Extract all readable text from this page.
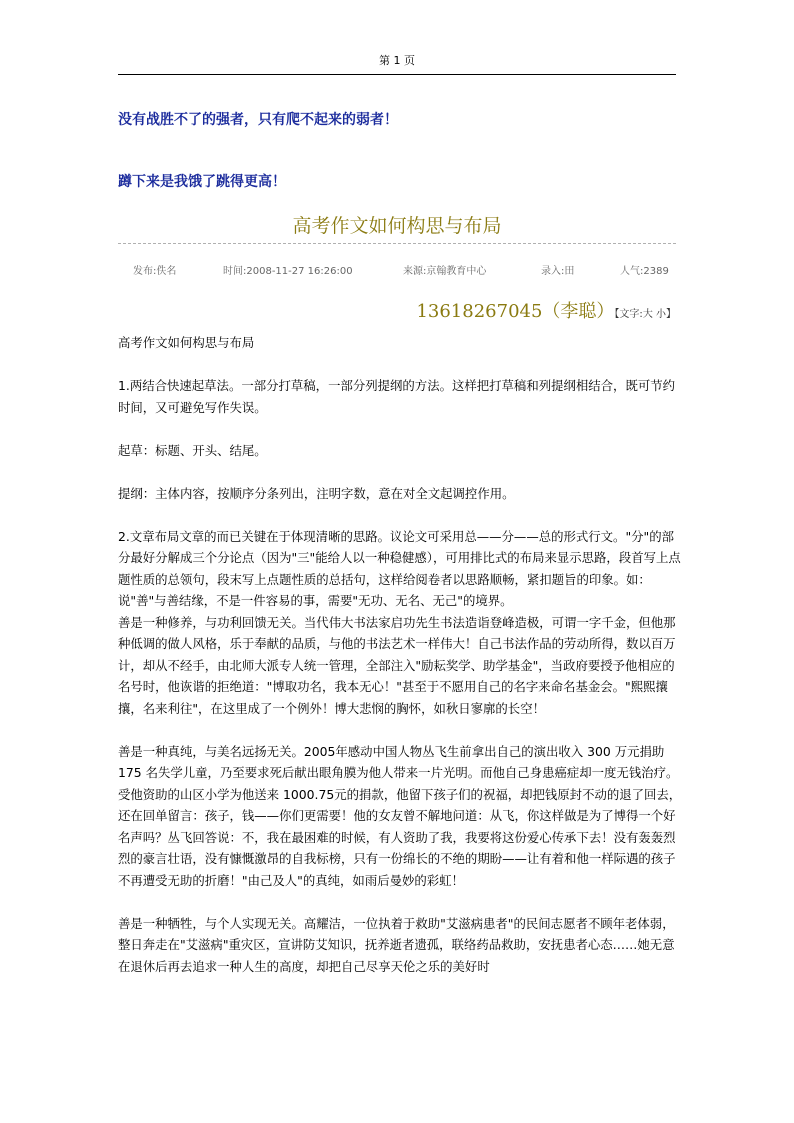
第 1 页
没有战胜不了的强者，只有爬不起来的弱者！
蹲下来是我饿了跳得更高！
高考作文如何构思与布局
发布:佚名	时间:2008-11-27 16:26:00	来源:京翰教育中心	录入:田	人气:2389
13618267045（李聪）【文字:大 小】

高考作文如何构思与布局

1.两结合快速起草法。一部分打草稿，一部分列提纲的方法。这样把打草稿和列提纲相结合，既可节约时间，又可避免写作失误。

起草：标题、开头、结尾。

提纲：主体内容，按顺序分条列出，注明字数，意在对全文起调控作用。

2.文章布局文章的而已关键在于体现清晰的思路。议论文可采用总——分——总的形式行文。"分"的部分最好分解成三个分论点（因为"三"能给人以一种稳健感），可用排比式的布局来显示思路，段首写上点题性质的总领句，段末写上点题性质的总括句，这样给阅卷者以思路顺畅，紧扣题旨的印象。如：说"善"与善结缘，不是一件容易的事，需要"无功、无名、无己"的境界。

善是一种修养，与功利回馈无关。当代伟大书法家启功先生书法造诣登峰造极，可谓一字千金，但他那种低调的做人风格，乐于奉献的品质，与他的书法艺术一样伟大！自己书法作品的劳动所得，数以百万计，却从不经手，由北师大派专人统一管理，全部注入"励耘奖学、助学基金"，当政府要授予他相应的名号时，他诙谐的拒绝道："博取功名，我本无心！"甚至于不愿用自己的名字来命名基金会。"熙熙攘攘，名来利往"，在这里成了一个例外！博大悲悯的胸怀，如秋日寥廓的长空！

善是一种真纯，与美名远扬无关。2005年感动中国人物丛飞生前拿出自己的演出收入 300 万元捐助 175 名失学儿童，乃至要求死后献出眼角膜为他人带来一片光明。而他自己身患癌症却一度无钱治疗。受他资助的山区小学为他送来 1000.75元的捐款，他留下孩子们的祝福，却把钱原封不动的退了回去，还在回单留言：孩子，钱——你们更需要！他的女友曾不解地问道：从飞，你这样做是为了博得一个好名声吗？丛飞回答说：不，我在最困难的时候，有人资助了我，我要将这份爱心传承下去！没有轰轰烈烈的豪言壮语，没有慷慨激昂的自我标榜，只有一份绵长的不绝的期盼——让有着和他一样际遇的孩子不再遭受无助的折磨！"由己及人"的真纯，如雨后曼妙的彩虹！

善是一种牺牲，与个人实现无关。高耀洁，一位执着于救助"艾滋病患者"的民间志愿者不顾年老体弱，整日奔走在"艾滋病"重灾区，宣讲防艾知识，抚养逝者遗孤，联络药品救助，安抚患者心态……她无意在退休后再去追求一种人生的高度，却把自己尽享天伦之乐的美好时
